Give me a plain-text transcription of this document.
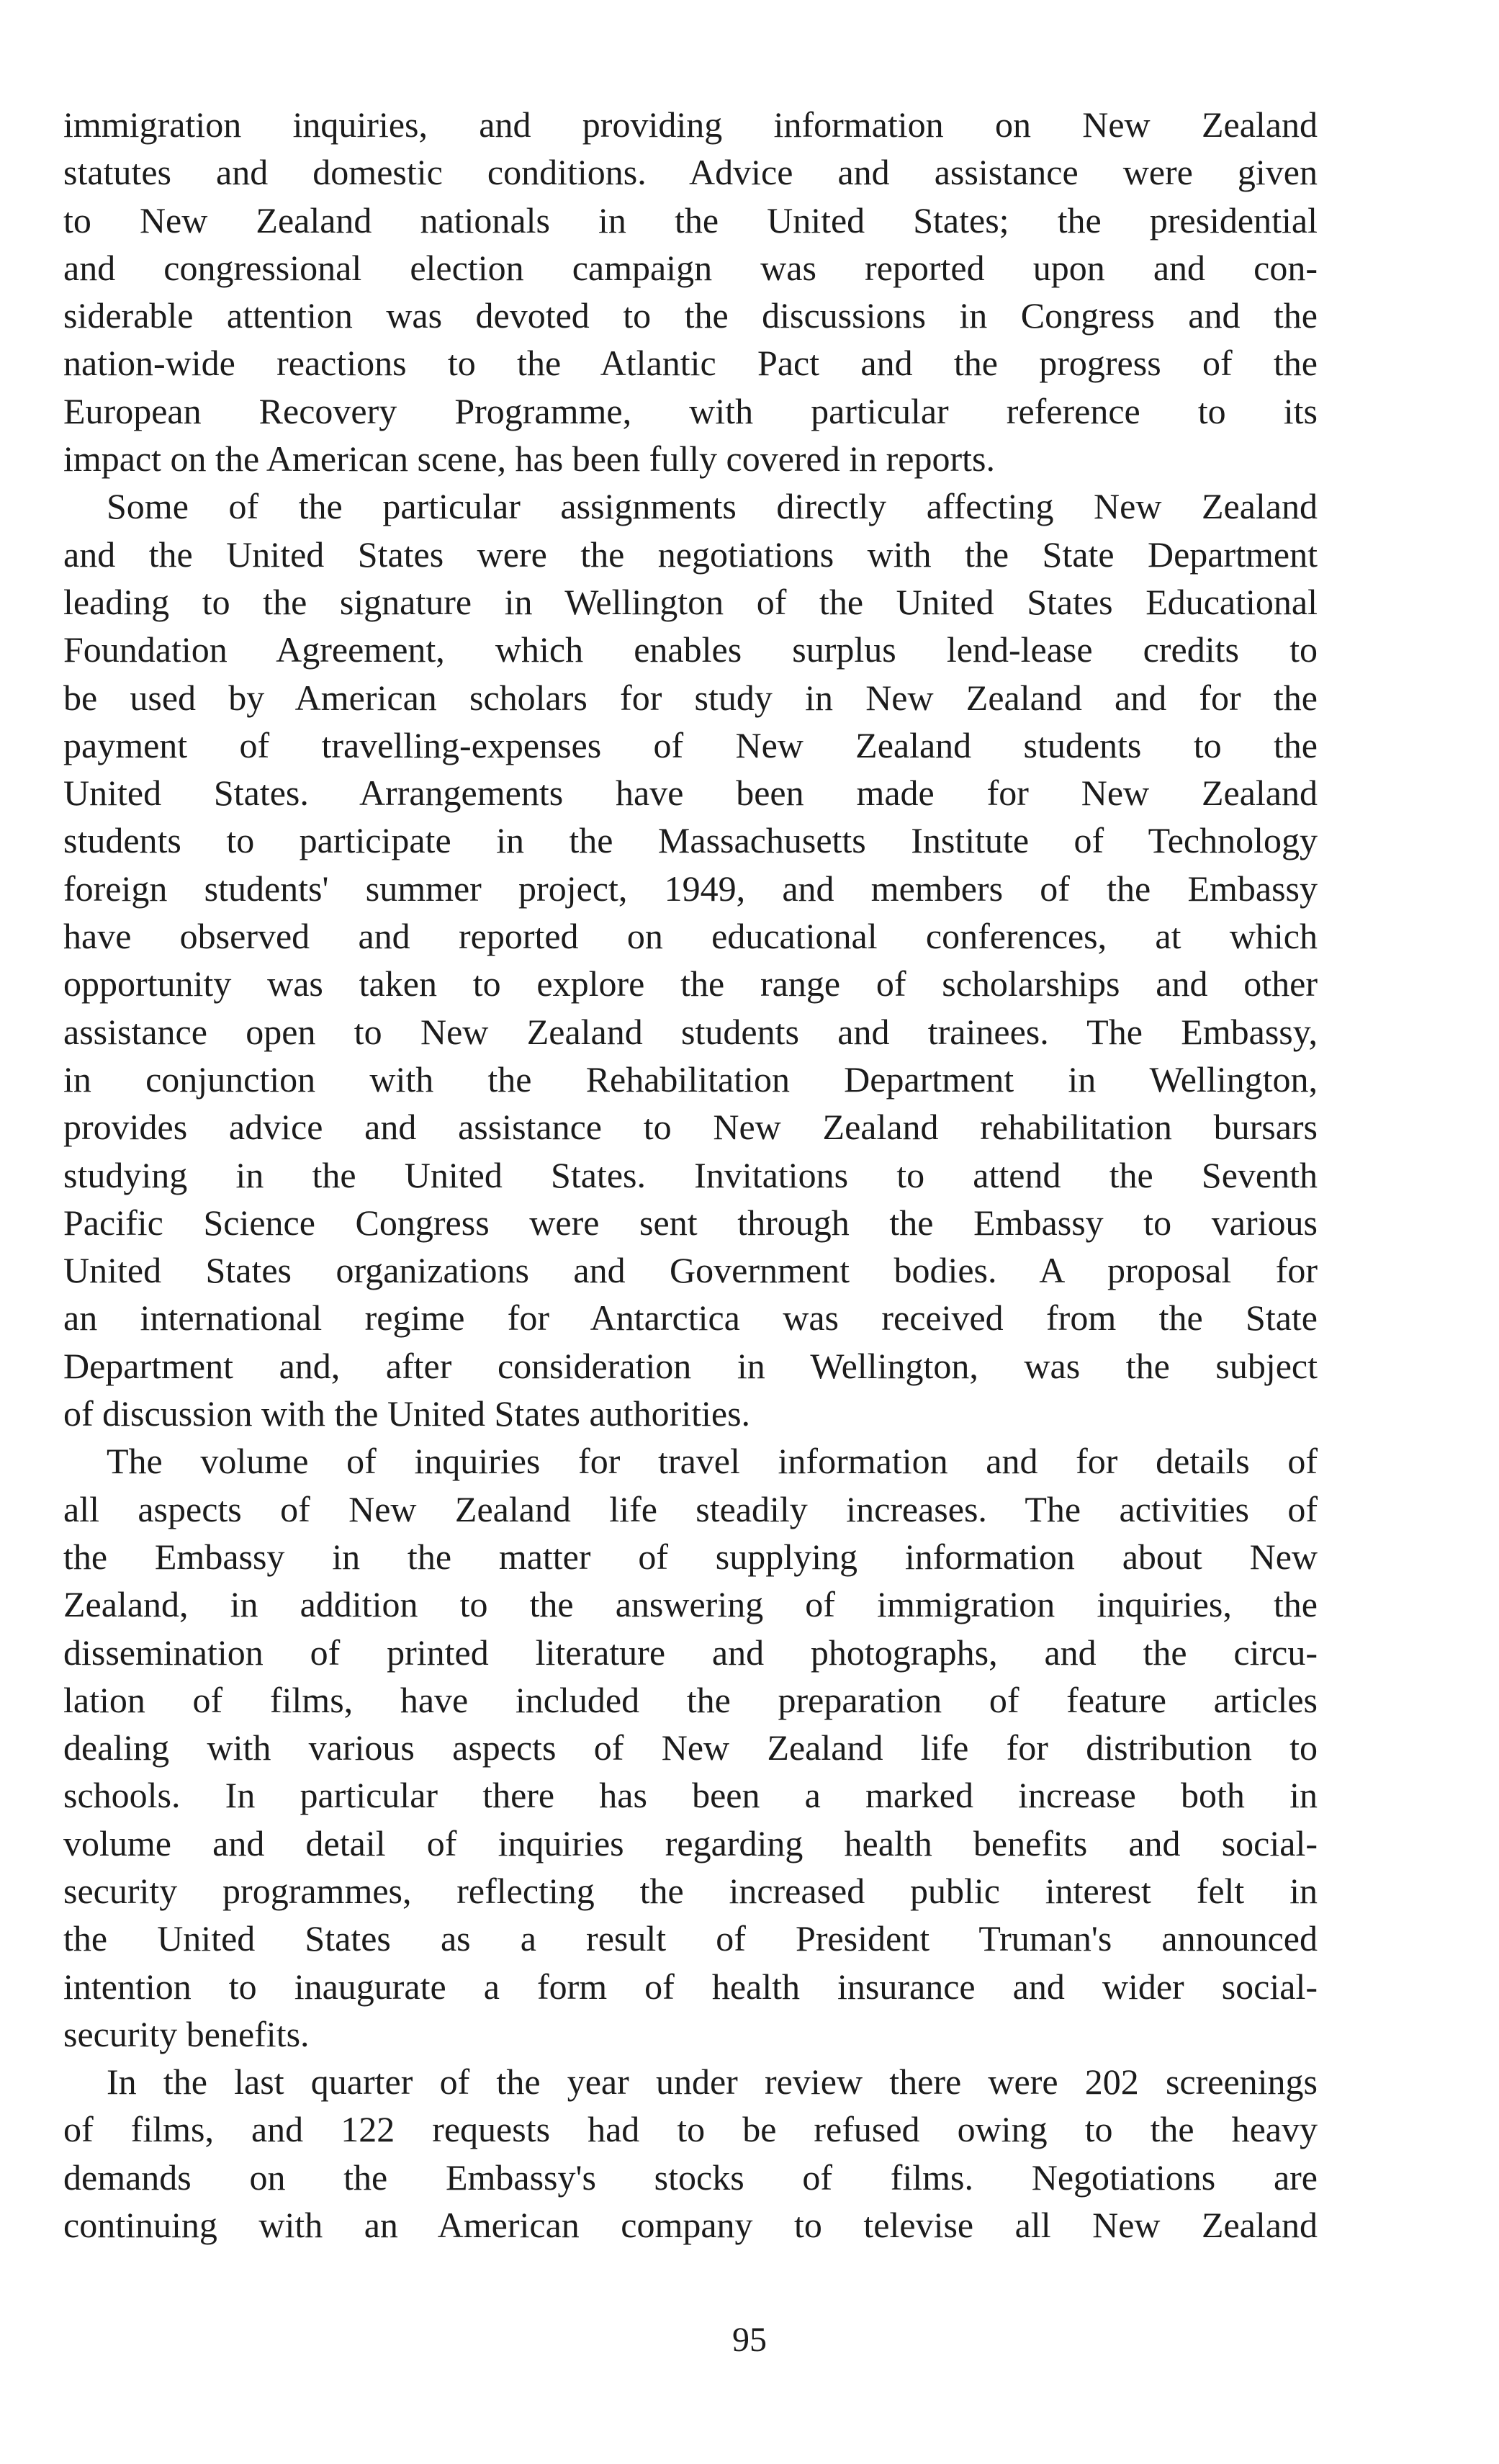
immigration inquiries, and providing information on New Zealand
statutes and domestic conditions. Advice and assistance were given
to New Zealand nationals in the United States; the presidential
and congressional election campaign was reported upon and con-
siderable attention was devoted to the discussions in Congress and the
nation-wide reactions to the Atlantic Pact and the progress of the
European Recovery Programme, with particular reference to its
impact on the American scene, has been fully covered in reports.

Some of the particular assignments directly affecting New Zealand
and the United States were the negotiations with the State Department
leading to the signature in Wellington of the United States Educational
Foundation Agreement, which enables surplus lend-lease credits to
be used by American scholars for study in New Zealand and for the
payment of travelling-expenses of New Zealand students to the
United States. Arrangements have been made for New Zealand
students to participate in the Massachusetts Institute of Technology
foreign students' summer project, 1949, and members of the Embassy
have observed and reported on educational conferences, at which
opportunity was taken to explore the range of scholarships and other
assistance open to New Zealand students and trainees. The Embassy,
in conjunction with the Rehabilitation Department in Wellington,
provides advice and assistance to New Zealand rehabilitation bursars
studying in the United States. Invitations to attend the Seventh
Pacific Science Congress were sent through the Embassy to various
United States organizations and Government bodies. A proposal for
an international regime for Antarctica was received from the State
Department and, after consideration in Wellington, was the subject
of discussion with the United States authorities.

The volume of inquiries for travel information and for details of
all aspects of New Zealand life steadily increases. The activities of
the Embassy in the matter of supplying information about New
Zealand, in addition to the answering of immigration inquiries, the
dissemination of printed literature and photographs, and the circu-
lation of films, have included the preparation of feature articles
dealing with various aspects of New Zealand life for distribution to
schools. In particular there has been a marked increase both in
volume and detail of inquiries regarding health benefits and social-
security programmes, reflecting the increased public interest felt in
the United States as a result of President Truman's announced
intention to inaugurate a form of health insurance and wider social-
security benefits.

In the last quarter of the year under review there were 202 screenings
of films, and 122 requests had to be refused owing to the heavy
demands on the Embassy's stocks of films. Negotiations are
continuing with an American company to televise all New Zealand

95
